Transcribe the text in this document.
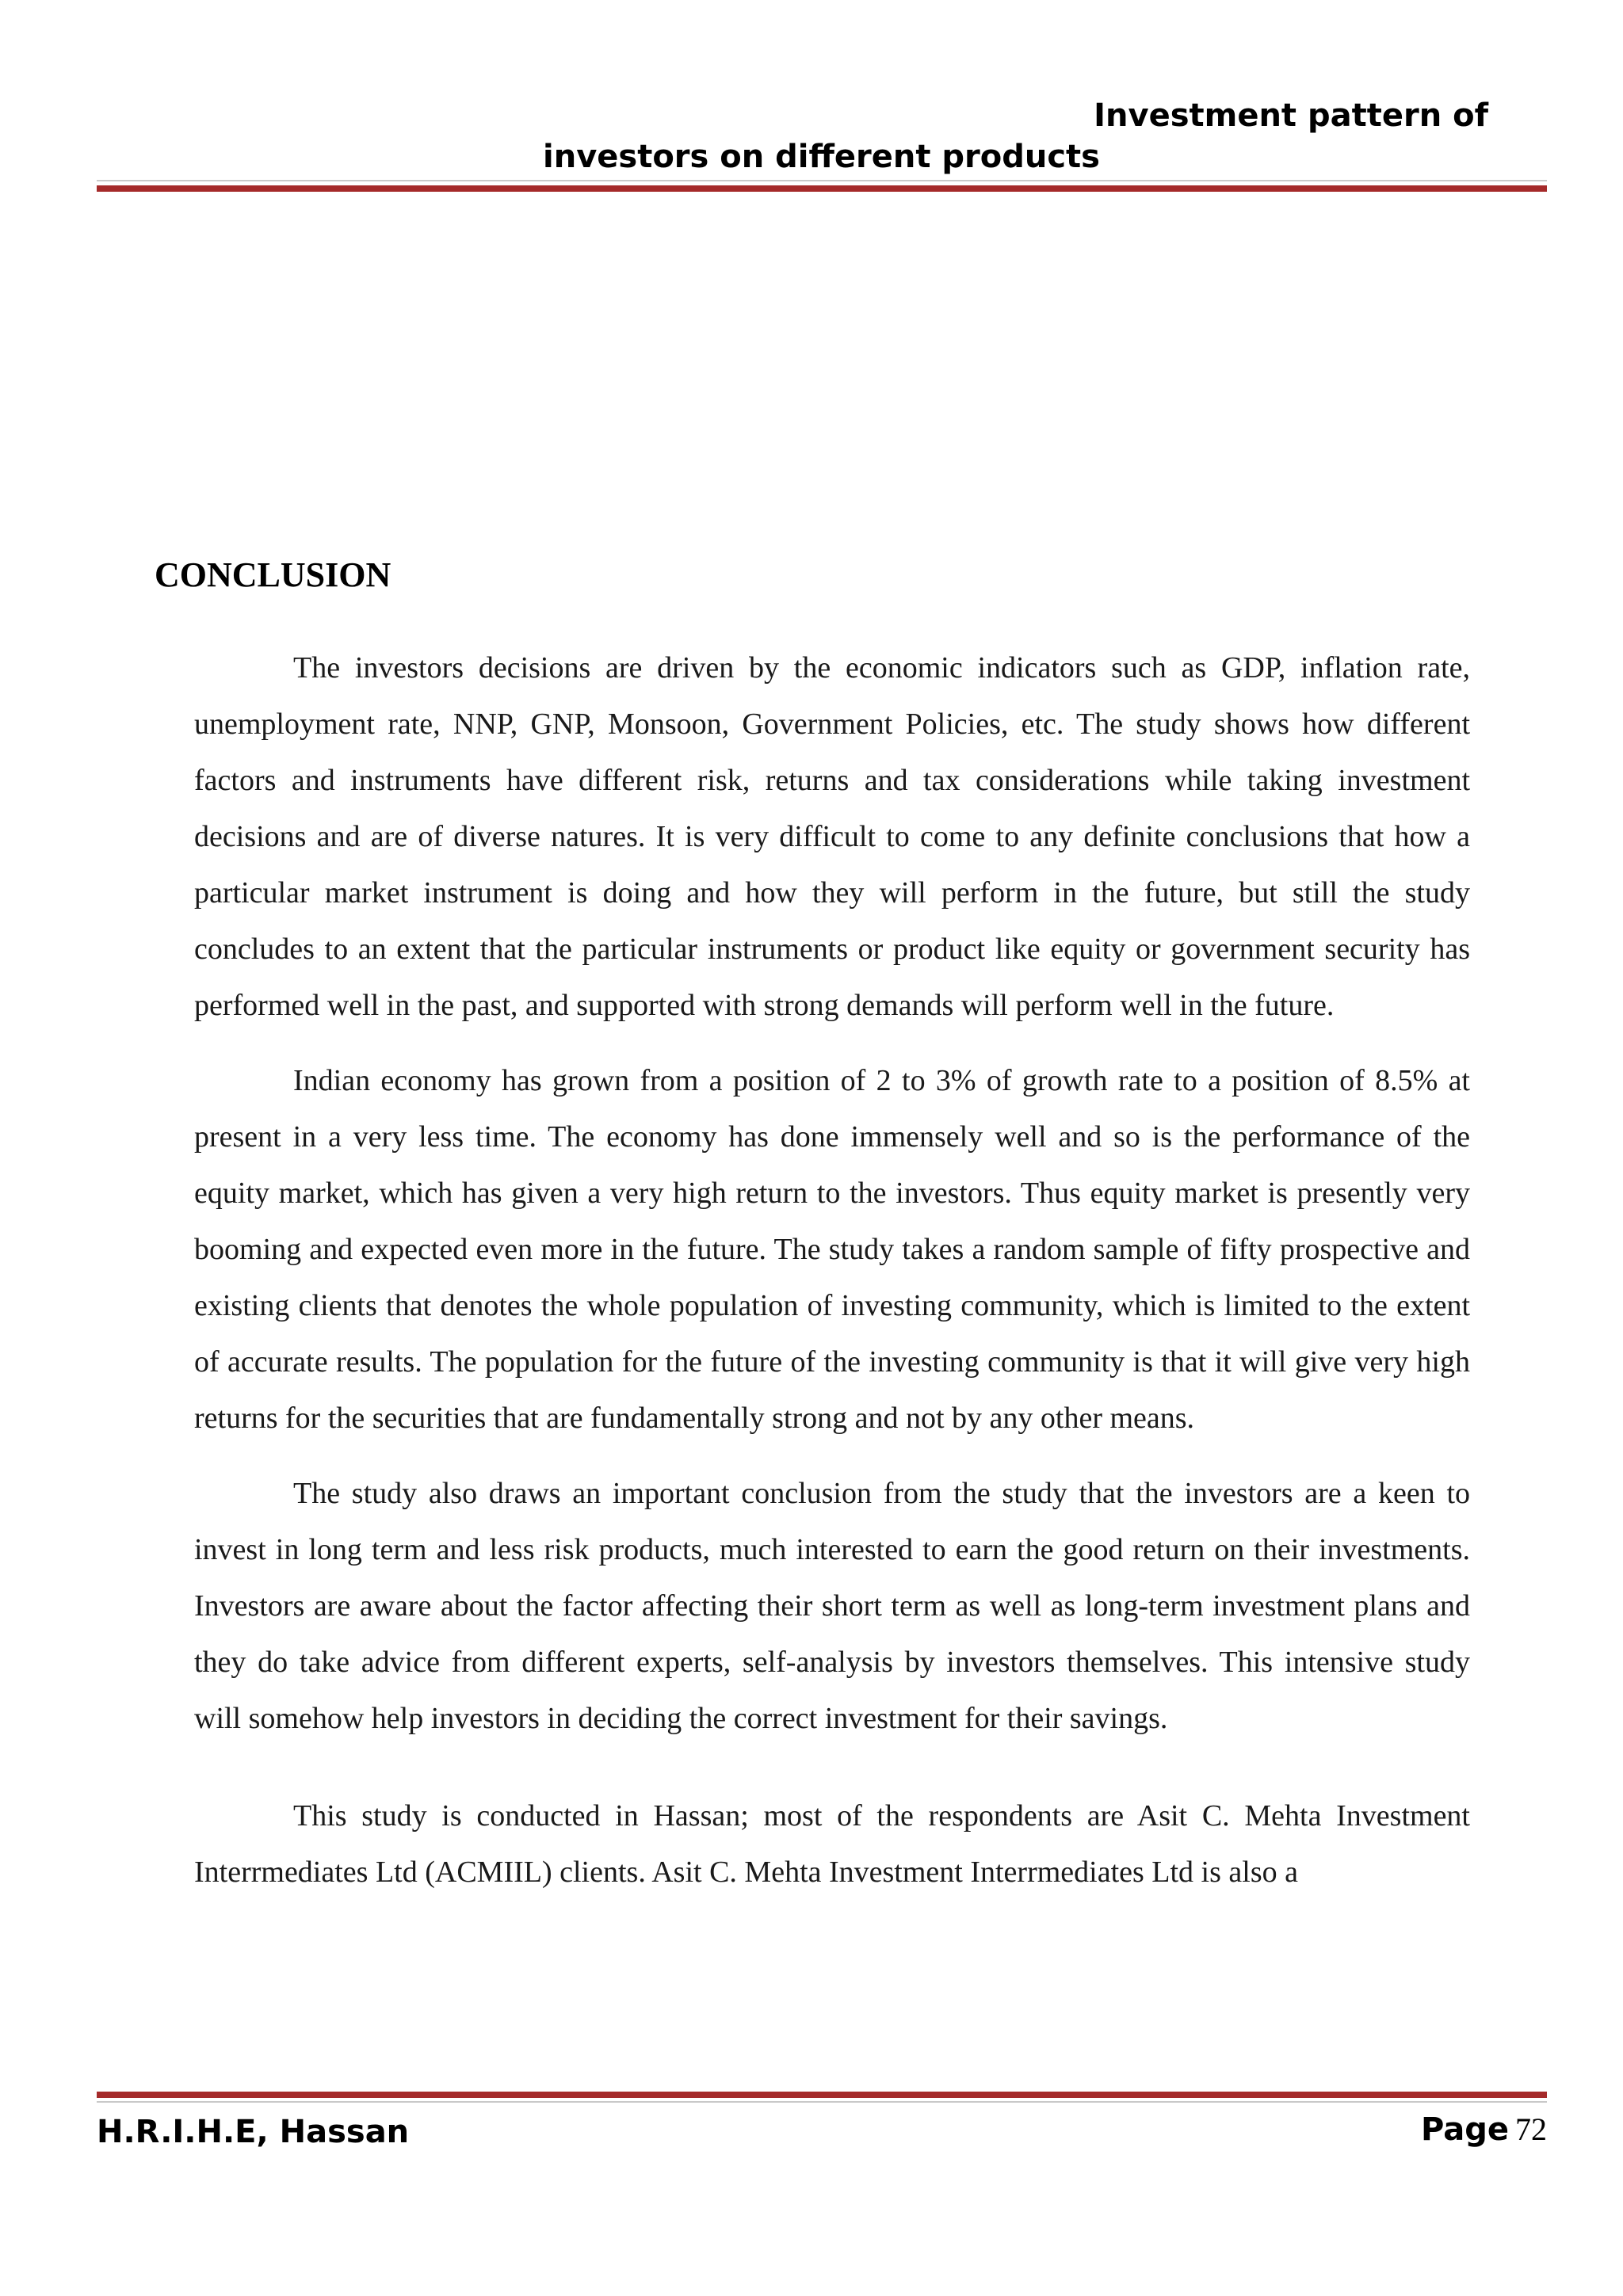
Investment pattern of

investors on different products
CONCLUSION

The investors decisions are driven by the economic indicators such as GDP, inflation rate, unemployment rate, NNP, GNP, Monsoon, Government Policies, etc. The study shows how different factors and instruments have different risk, returns and tax considerations while taking investment decisions and are of diverse natures. It is very difficult to come to any definite conclusions that how a particular market instrument is doing and how they will perform in the future, but still the study concludes to an extent that the particular instruments or product like equity or government security has performed well in the past, and supported with strong demands will perform well in the future.

Indian economy has grown from a position of 2 to 3% of growth rate to a position of 8.5% at present in a very less time. The economy has done immensely well and so is the performance of the equity market, which has given a very high return to the investors. Thus equity market is presently very booming and expected even more in the future. The study takes a random sample of fifty prospective and existing clients that denotes the whole population of investing community, which is limited to the extent of accurate results. The population for the future of the investing community is that it will give very high returns for the securities that are fundamentally strong and not by any other means.

The study also draws an important conclusion from the study that the investors are a keen to invest in long term and less risk products, much interested to earn the good return on their investments. Investors are aware about the factor affecting their short term as well as long-term investment plans and they do take advice from different experts, self-analysis by investors themselves. This intensive study will somehow help investors in deciding the correct investment for their savings.

This study is conducted in Hassan; most of the respondents are Asit C. Mehta Investment Interrmediates Ltd (ACMIIL) clients. Asit C. Mehta Investment Interrmediates Ltd is also a

H.R.I.H.E, Hassan	Page 72
